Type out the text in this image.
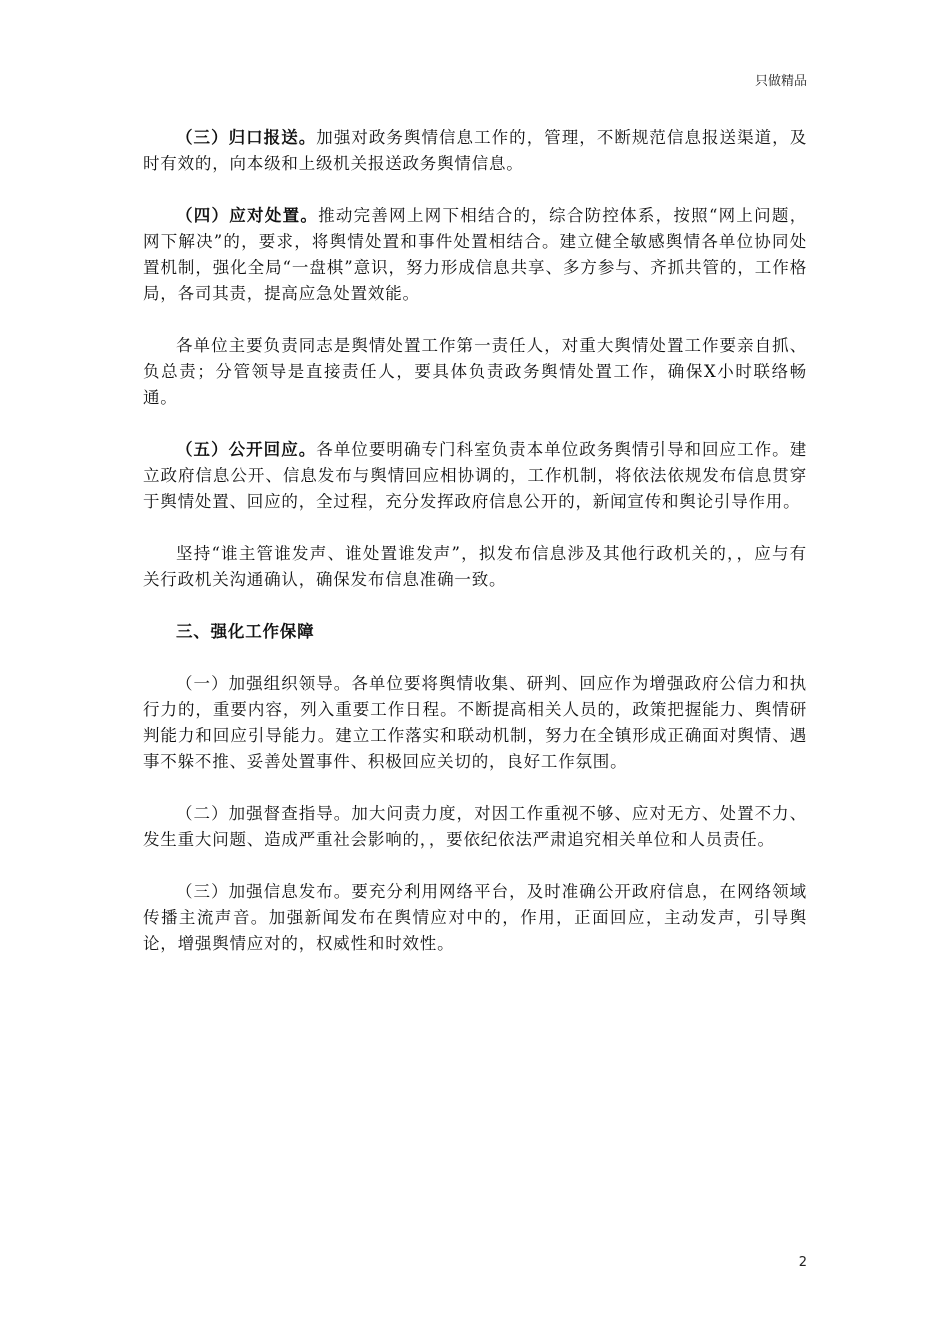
只做精品

（三）归口报送。加强对政务舆情信息工作的，管理，不断规范信息报送渠道，及时有效的，向本级和上级机关报送政务舆情信息。

（四）应对处置。推动完善网上网下相结合的，综合防控体系，按照“网上问题，网下解决”的，要求，将舆情处置和事件处置相结合。建立健全敏感舆情各单位协同处置机制，强化全局“一盘棋”意识，努力形成信息共享、多方参与、齐抓共管的，工作格局，各司其责，提高应急处置效能。

各单位主要负责同志是舆情处置工作第一责任人，对重大舆情处置工作要亲自抓、负总责；分管领导是直接责任人，要具体负责政务舆情处置工作，确保X小时联络畅通。

（五）公开回应。各单位要明确专门科室负责本单位政务舆情引导和回应工作。建立政府信息公开、信息发布与舆情回应相协调的，工作机制，将依法依规发布信息贯穿于舆情处置、回应的，全过程，充分发挥政府信息公开的，新闻宣传和舆论引导作用。

坚持“谁主管谁发声、谁处置谁发声”，拟发布信息涉及其他行政机关的，，应与有关行政机关沟通确认，确保发布信息准确一致。

三、强化工作保障

（一）加强组织领导。各单位要将舆情收集、研判、回应作为增强政府公信力和执行力的，重要内容，列入重要工作日程。不断提高相关人员的，政策把握能力、舆情研判能力和回应引导能力。建立工作落实和联动机制，努力在全镇形成正确面对舆情、遇事不躲不推、妥善处置事件、积极回应关切的，良好工作氛围。

（二）加强督查指导。加大问责力度，对因工作重视不够、应对无方、处置不力、发生重大问题、造成严重社会影响的，，要依纪依法严肃追究相关单位和人员责任。

（三）加强信息发布。要充分利用网络平台，及时准确公开政府信息，在网络领域传播主流声音。加强新闻发布在舆情应对中的，作用，正面回应，主动发声，引导舆论，增强舆情应对的，权威性和时效性。

2
